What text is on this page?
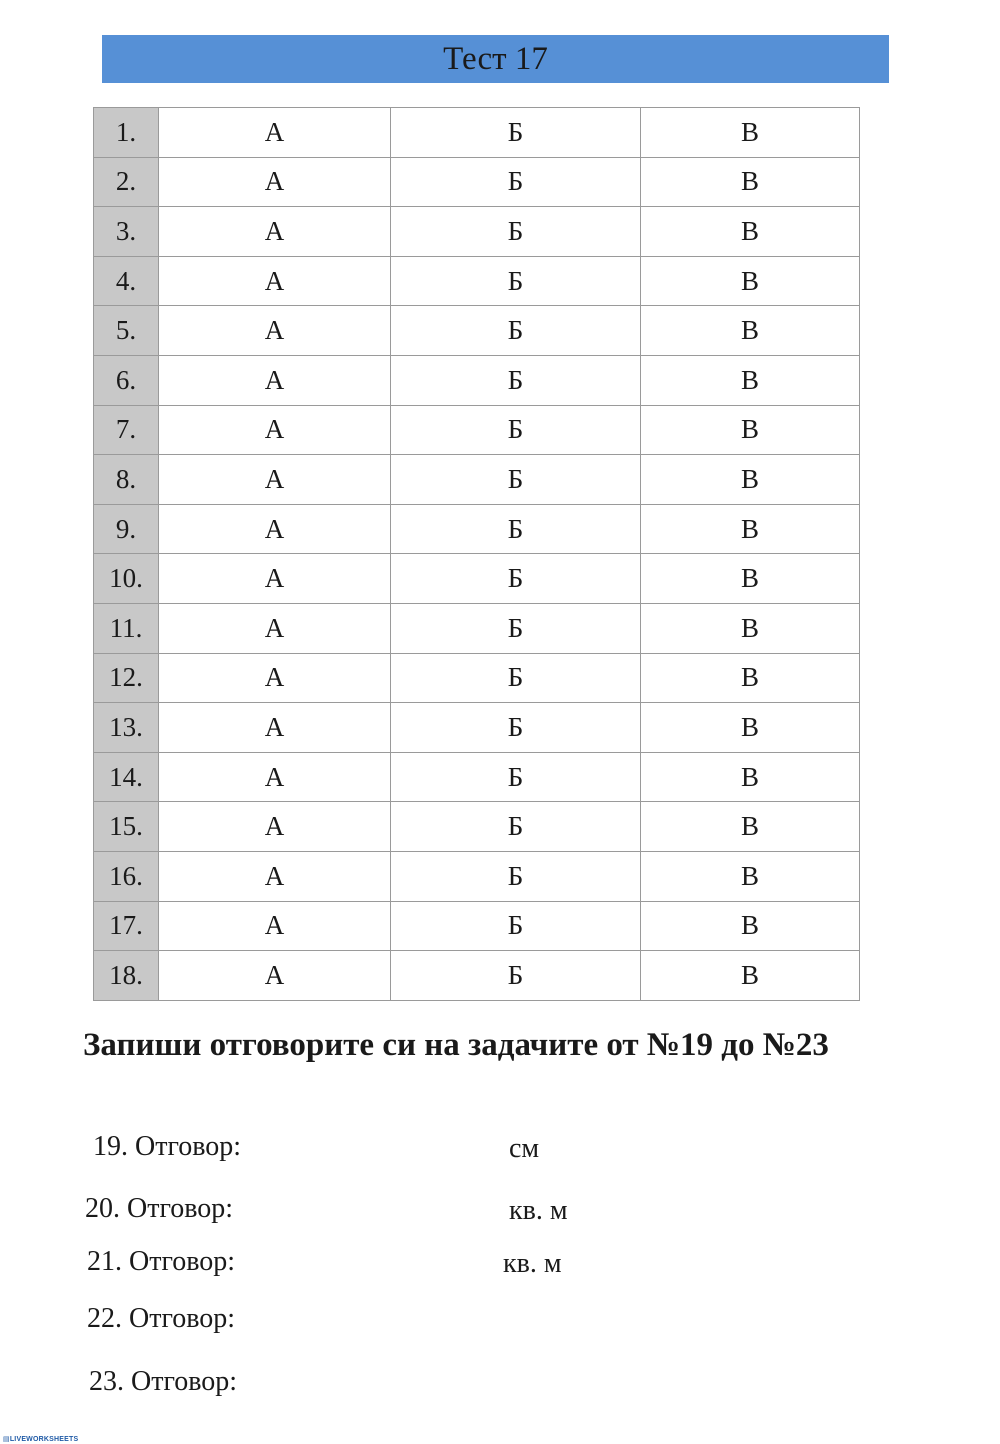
Тест 17
1.	А	Б	В
2.	А	Б	В
3.	А	Б	В
4.	А	Б	В
5.	А	Б	В
6.	А	Б	В
7.	А	Б	В
8.	А	Б	В
9.	А	Б	В
10.	А	Б	В
11.	А	Б	В
12.	А	Б	В
13.	А	Б	В
14.	А	Б	В
15.	А	Б	В
16.	А	Б	В
17.	А	Б	В
18.	А	Б	В

Запиши отговорите си на задачите от №19 до №23

19. Отговор:	см
20. Отговор:	кв. м
21. Отговор:	кв. м
22. Отговор:
23. Отговор:
▤LIVEWORKSHEETS
